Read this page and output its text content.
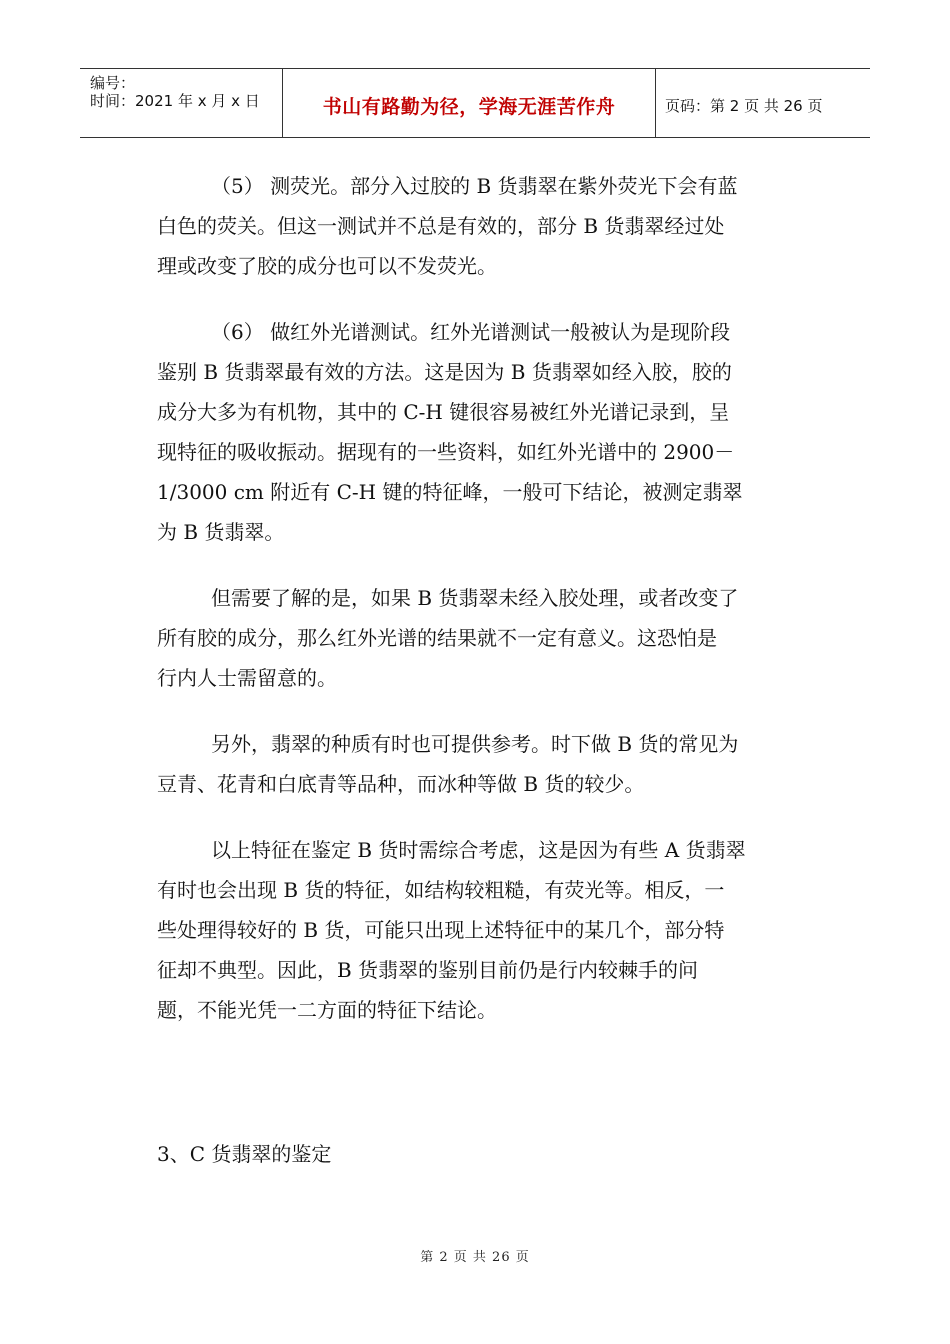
编号：
时间：2021 年 x 月 x 日	书山有路勤为径，学海无涯苦作舟	页码：第 2 页 共 26 页
（5） 测荧光。部分入过胶的 B 货翡翠在紫外荧光下会有蓝
白色的荧关。但这一测试并不总是有效的，部分 B 货翡翠经过处
理或改变了胶的成分也可以不发荧光。
（6） 做红外光谱测试。红外光谱测试一般被认为是现阶段
鉴别 B 货翡翠最有效的方法。这是因为 B 货翡翠如经入胶，胶的
成分大多为有机物，其中的 C-H 键很容易被红外光谱记录到，呈
现特征的吸收振动。据现有的一些资料，如红外光谱中的 2900－
1/3000 cm 附近有 C-H 键的特征峰，一般可下结论，被测定翡翠
为 B 货翡翠。
但需要了解的是，如果 B 货翡翠未经入胶处理，或者改变了
所有胶的成分，那么红外光谱的结果就不一定有意义。这恐怕是
行内人士需留意的。
另外，翡翠的种质有时也可提供参考。时下做 B 货的常见为
豆青、花青和白底青等品种，而冰种等做 B 货的较少。
以上特征在鉴定 B 货时需综合考虑，这是因为有些 A 货翡翠
有时也会出现 B 货的特征，如结构较粗糙，有荧光等。相反，一
些处理得较好的 B 货，可能只出现上述特征中的某几个，部分特
征却不典型。因此，B 货翡翠的鉴别目前仍是行内较棘手的问
题，不能光凭一二方面的特征下结论。
3、C 货翡翠的鉴定
第 2 页 共 26 页
